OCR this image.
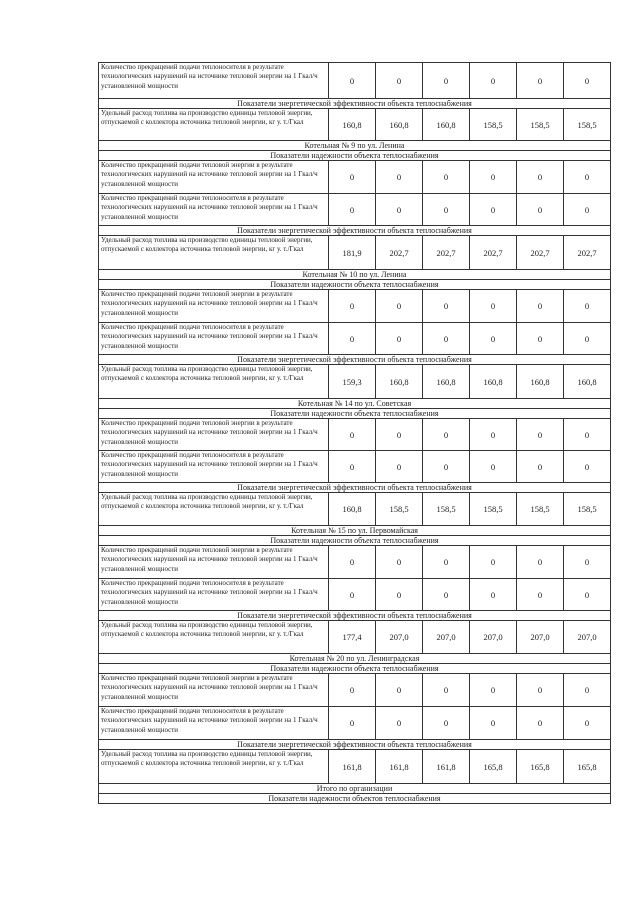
Количество прекращений подачи теплоносителя в результате технологических нарушений на источнике тепловой энергии на 1 Гкал/ч установленной мощности	0	0	0	0	0	0
Показатели энергетической эффективности объекта теплоснабжения						
Удельный расход топлива на производство единицы тепловой энергии, отпускаемой с коллектора источника тепловой энергии, кг у. т./Гкал	160,8	160,8	160,8	158,5	158,5	158,5
Котельная № 9 по ул. Ленина						
Показатели надежности объекта теплоснабжения						
Количество прекращений подачи тепловой энергии в результате технологических нарушений на источнике тепловой энергии на 1 Гкал/ч установленной мощности	0	0	0	0	0	0
Количество прекращений подачи теплоносителя в результате технологических нарушений на источнике тепловой энергии на 1 Гкал/ч установленной мощности	0	0	0	0	0	0
Показатели энергетической эффективности объекта теплоснабжения						
Удельный расход топлива на производство единицы тепловой энергии, отпускаемой с коллектора источника тепловой энергии, кг у. т./Гкал	181,9	202,7	202,7	202,7	202,7	202,7
Котельная № 10 по ул. Ленина						
Показатели надежности объекта теплоснабжения						
Количество прекращений подачи тепловой энергии в результате технологических нарушений на источнике тепловой энергии на 1 Гкал/ч установленной мощности	0	0	0	0	0	0
Количество прекращений подачи теплоносителя в результате технологических нарушений на источнике тепловой энергии на 1 Гкал/ч установленной мощности	0	0	0	0	0	0
Показатели энергетической эффективности объекта теплоснабжения						
Удельный расход топлива на производство единицы тепловой энергии, отпускаемой с коллектора источника тепловой энергии, кг у. т./Гкал	159,3	160,8	160,8	160,8	160,8	160,8
Котельная № 14 по ул. Советская						
Показатели надежности объекта теплоснабжения						
Количество прекращений подачи тепловой энергии в результате технологических нарушений на источнике тепловой энергии на 1 Гкал/ч установленной мощности	0	0	0	0	0	0
Количество прекращений подачи теплоносителя в результате технологических нарушений на источнике тепловой энергии на 1 Гкал/ч установленной мощности	0	0	0	0	0	0
Показатели энергетической эффективности объекта теплоснабжения						
Удельный расход топлива на производство единицы тепловой энергии, отпускаемой с коллектора источника тепловой энергии, кг у. т./Гкал	160,8	158,5	158,5	158,5	158,5	158,5
Котельная № 15 по ул. Первомайская						
Показатели надежности объекта теплоснабжения						
Количество прекращений подачи тепловой энергии в результате технологических нарушений на источнике тепловой энергии на 1 Гкал/ч установленной мощности	0	0	0	0	0	0
Количество прекращений подачи теплоносителя в результате технологических нарушений на источнике тепловой энергии на 1 Гкал/ч установленной мощности	0	0	0	0	0	0
Показатели энергетической эффективности объекта теплоснабжения						
Удельный расход топлива на производство единицы тепловой энергии, отпускаемой с коллектора источника тепловой энергии, кг у. т./Гкал	177,4	207,0	207,0	207,0	207,0	207,0
Котельная № 20 по ул. Ленинградская						
Показатели надежности объекта теплоснабжения						
Количество прекращений подачи тепловой энергии в результате технологических нарушений на источнике тепловой энергии на 1 Гкал/ч установленной мощности	0	0	0	0	0	0
Количество прекращений подачи теплоносителя в результате технологических нарушений на источнике тепловой энергии на 1 Гкал/ч установленной мощности	0	0	0	0	0	0
Показатели энергетической эффективности объекта теплоснабжения						
Удельный расход топлива на производство единицы тепловой энергии, отпускаемой с коллектора источника тепловой энергии, кг у. т./Гкал	161,8	161,8	161,8	165,8	165,8	165,8
Итого по организации						
Показатели надежности объектов теплоснабжения						
